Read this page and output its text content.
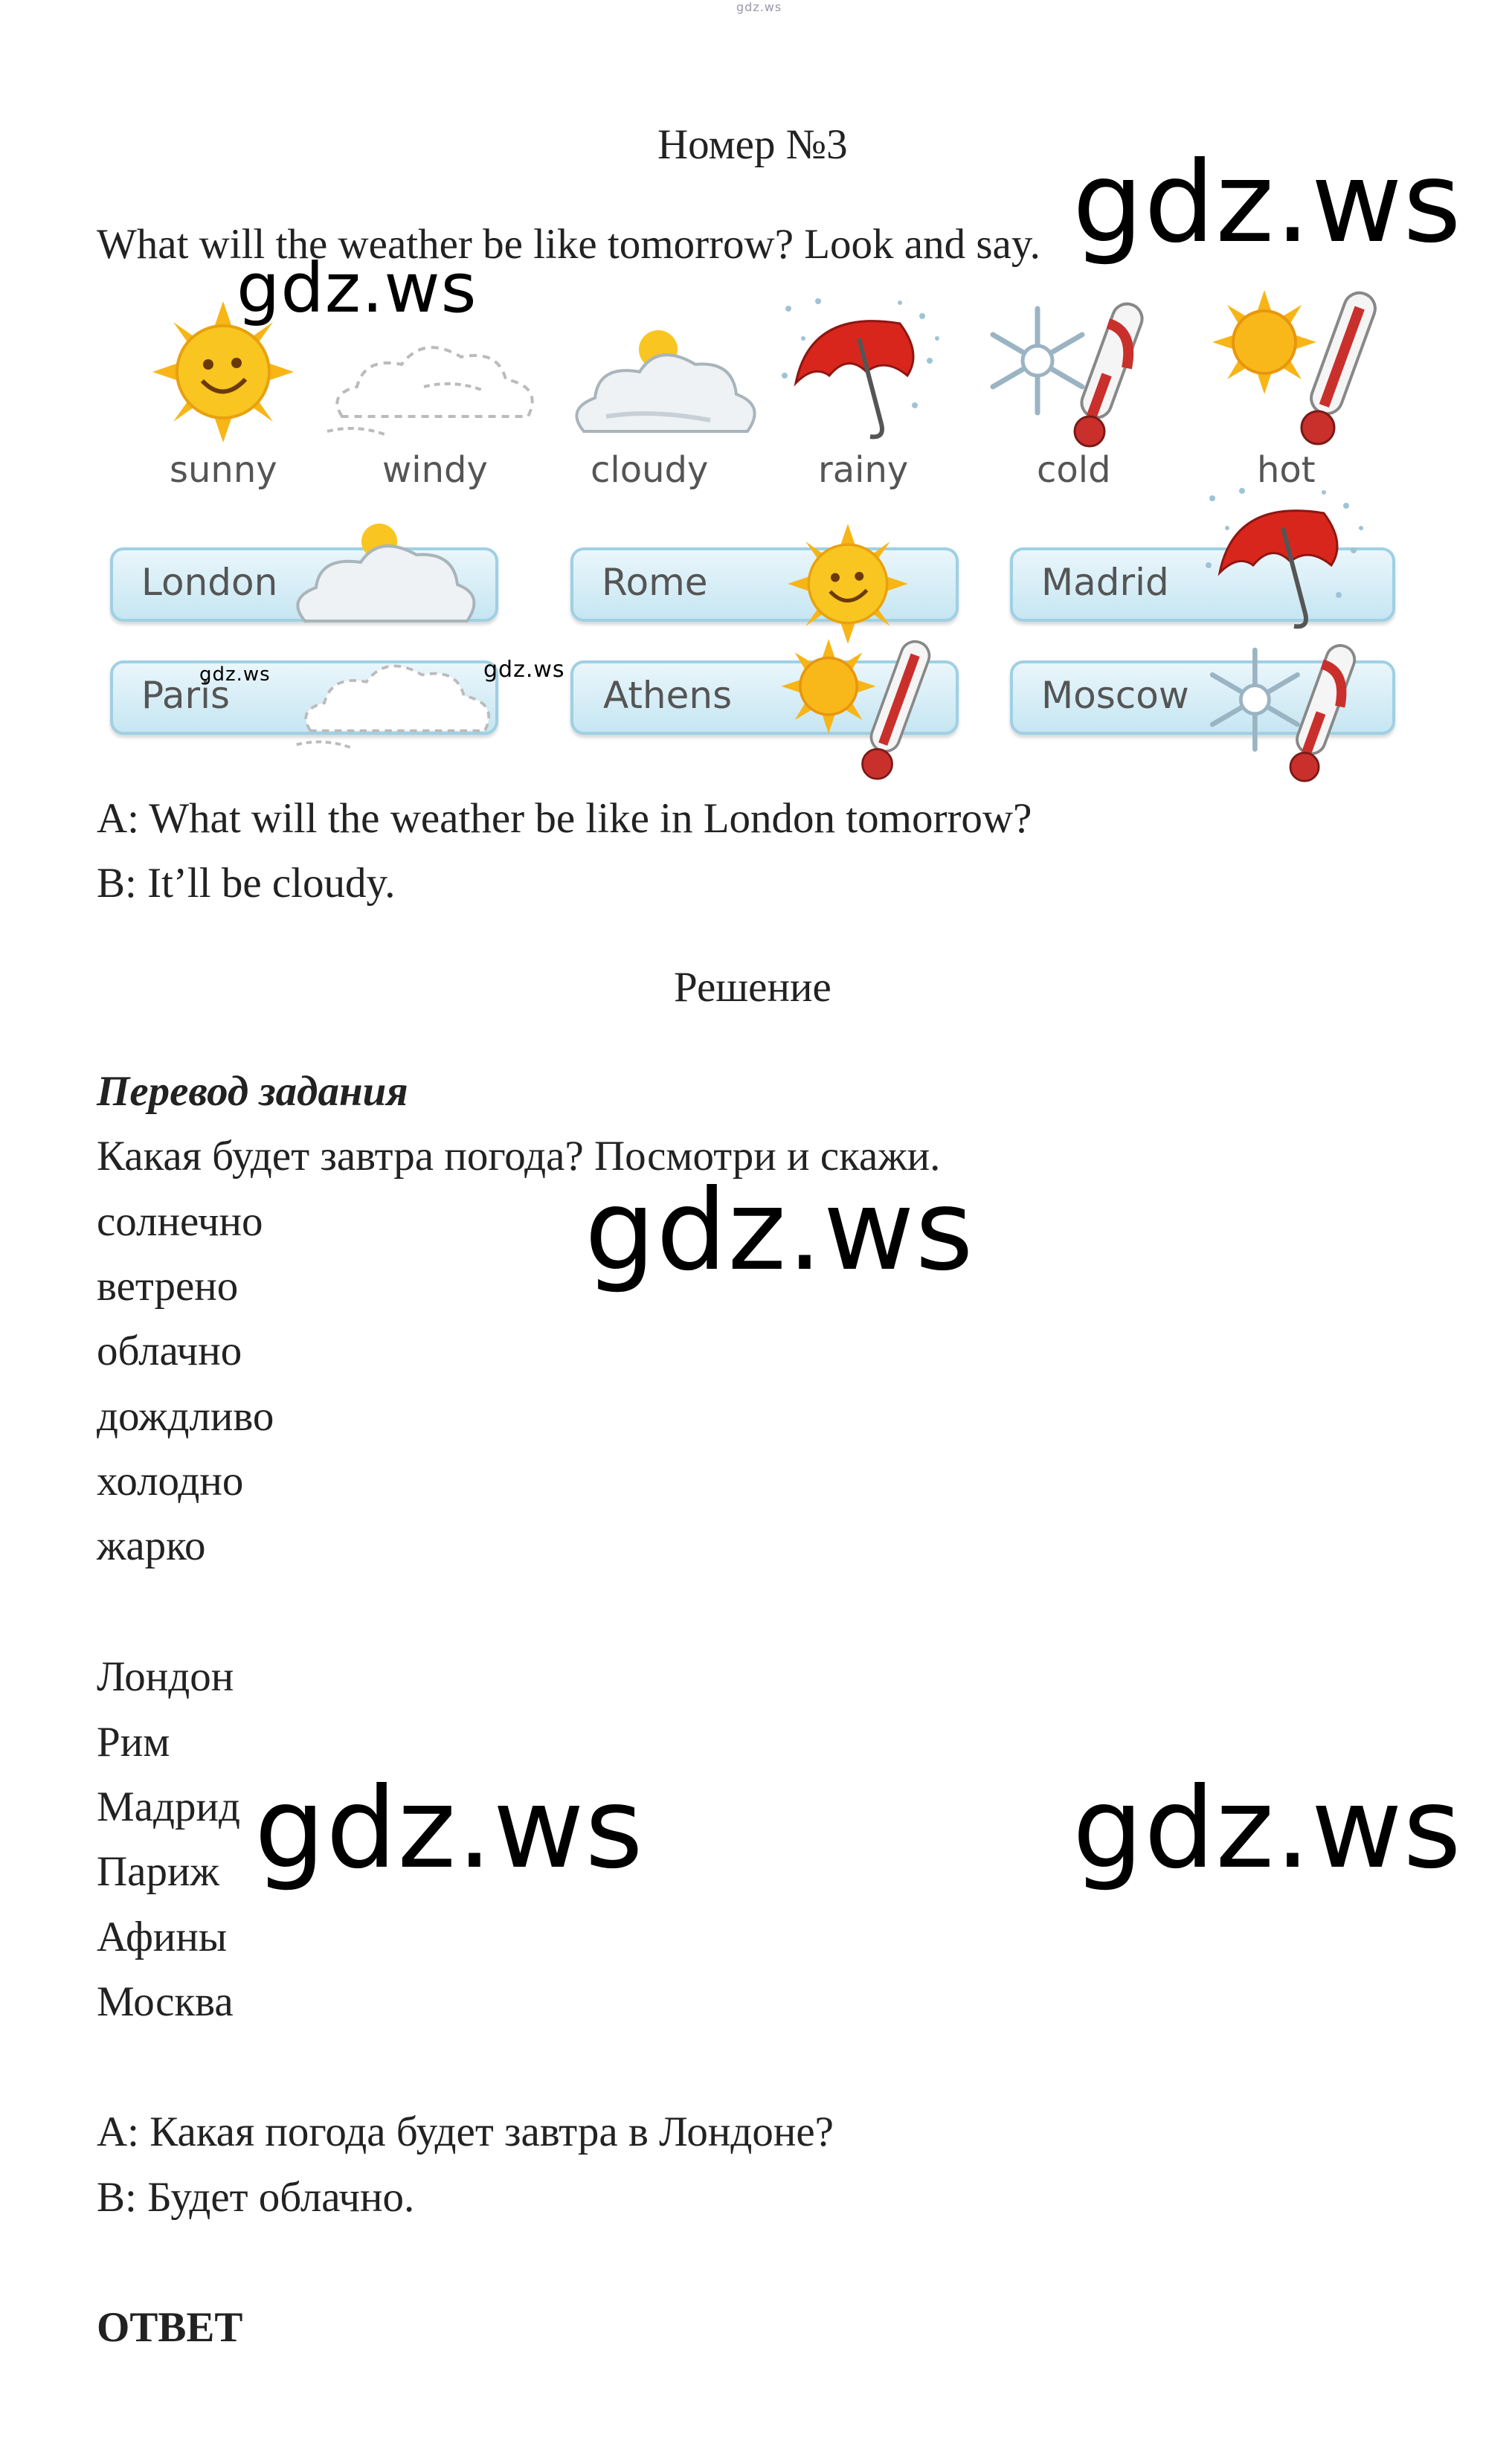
gdz.ws
Номер №3
What will the weather be like tomorrow? Look and say. gdz.ws
gdz.ws
sunny	windy	cloudy	rainy	cold	hot
London	Rome	Madrid
Paris
gdz.ws	gdz.ws
Athens	Moscow
A: What will the weather be like in London tomorrow?
B: It’ll be cloudy.
Решение
Перевод задания
Какая будет завтра погода? Посмотри и скажи.
солнечно
ветрено
облачно
дождливо
холодно
жарко
gdz.ws
Лондон
Рим
Мадрид
Париж
Афины
Москва
gdz.ws	gdz.ws
A: Какая погода будет завтра в Лондоне?
B: Будет облачно.
ОТВЕТ
